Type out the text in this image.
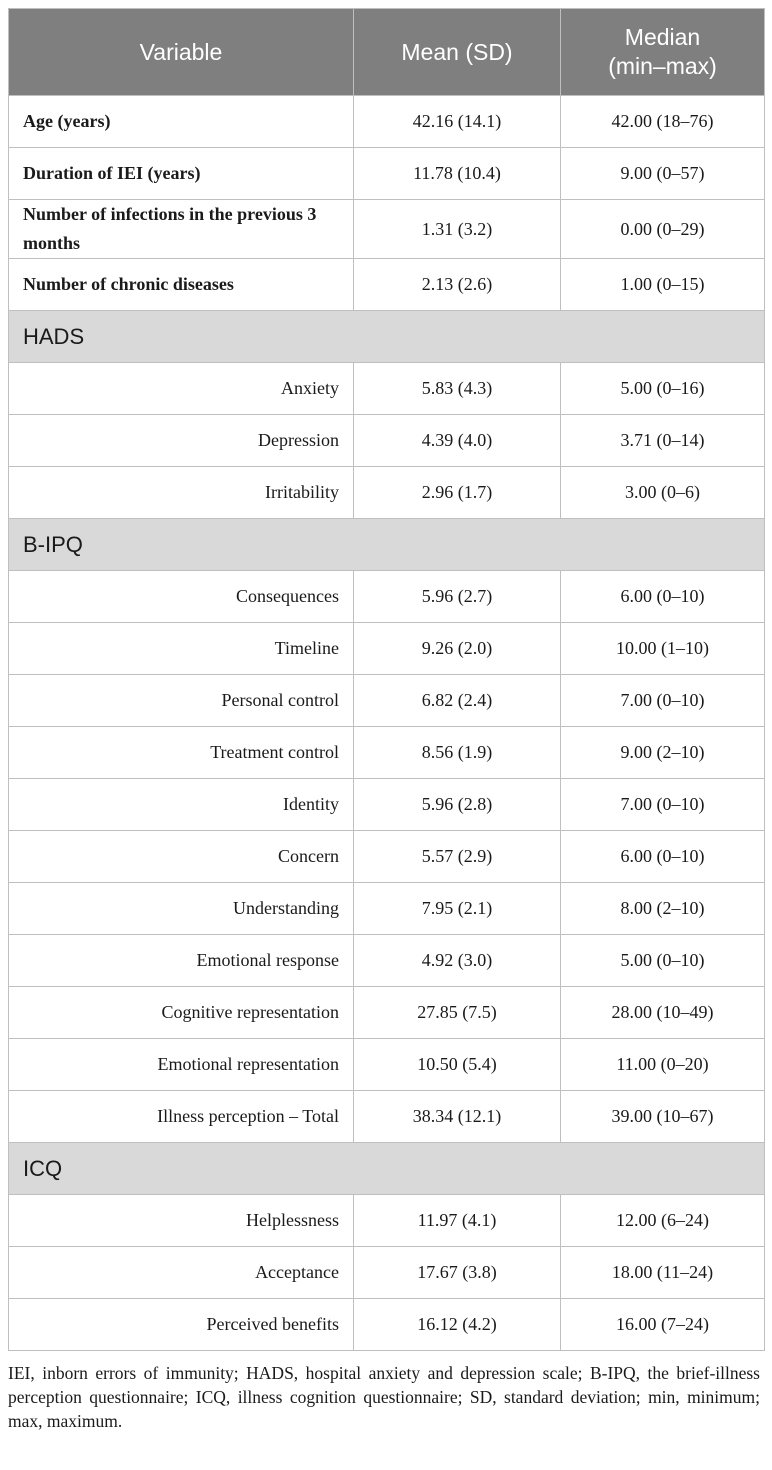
Variable	Mean (SD)	Median
(min–max)
Age (years)	42.16 (14.1)	42.00 (18–76)
Duration of IEI (years)	11.78 (10.4)	9.00 (0–57)
Number of infections in the previous 3 months	1.31 (3.2)	0.00 (0–29)
Number of chronic diseases	2.13 (2.6)	1.00 (0–15)
HADS		
Anxiety	5.83 (4.3)	5.00 (0–16)
Depression	4.39 (4.0)	3.71 (0–14)
Irritability	2.96 (1.7)	3.00 (0–6)
B-IPQ		
Consequences	5.96 (2.7)	6.00 (0–10)
Timeline	9.26 (2.0)	10.00 (1–10)
Personal control	6.82 (2.4)	7.00 (0–10)
Treatment control	8.56 (1.9)	9.00 (2–10)
Identity	5.96 (2.8)	7.00 (0–10)
Concern	5.57 (2.9)	6.00 (0–10)
Understanding	7.95 (2.1)	8.00 (2–10)
Emotional response	4.92 (3.0)	5.00 (0–10)
Cognitive representation	27.85 (7.5)	28.00 (10–49)
Emotional representation	10.50 (5.4)	11.00 (0–20)
Illness perception – Total	38.34 (12.1)	39.00 (10–67)
ICQ		
Helplessness	11.97 (4.1)	12.00 (6–24)
Acceptance	17.67 (3.8)	18.00 (11–24)
Perceived benefits	16.12 (4.2)	16.00 (7–24)
IEI, inborn errors of immunity; HADS, hospital anxiety and depression scale; B-IPQ, the brief-illness perception questionnaire; ICQ, illness cognition questionnaire; SD, standard deviation; min, minimum; max, maximum.
